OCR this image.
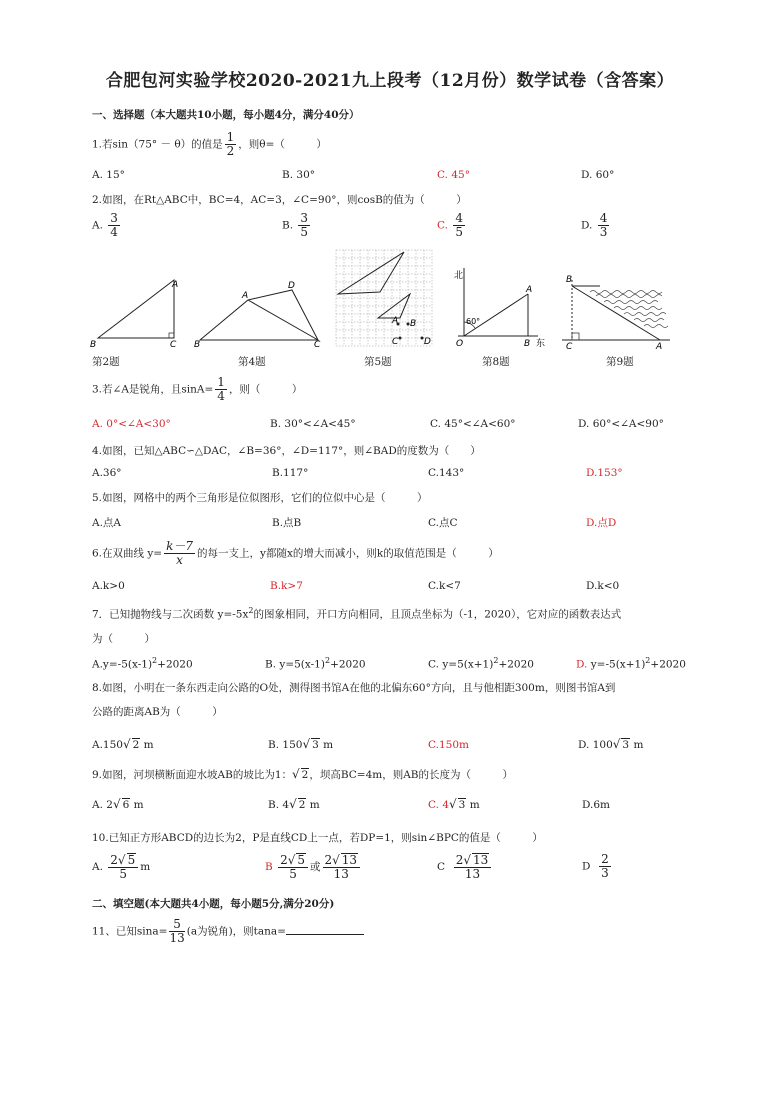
合肥包河实验学校2020-2021九上段考（12月份）数学试卷（含答案）
一、选择题（本大题共10小题，每小题4分，满分40分）
1.若sin（75° － θ）的值是 $\frac{1}{2}$ ，则θ=（　　　）
A. 15°	B. 30°	C. 45°	D. 60°
2.如图，在Rt△ABC中，BC=4，AC=3，∠C=90°，则cosB的值为（　　　）
A. $\frac{3}{4}$	B. $\frac{3}{5}$	C. $\frac{4}{5}$	D. $\frac{4}{3}$
A
B	C
A
B	C
D
A B
C	D
北
东
60°
O
A
B
B
C	A
第2题	第4题	第5题	第8题	第9题
3.若∠A是锐角，且$\sin A= \frac{1}{4}$ ，则（　　　）
A. 0°<∠A<30°	B. 30°<∠A<45°	C. 45°<∠A<60°	D. 60°<∠A<90°
4.如图，已知△ABC∽△DAC，∠B=36°，∠D=117°，则∠BAD的度数为（　　）
A.36°	B.117°	C.143°	D.153°
5.如图，网格中的两个三角形是位似图形，它们的位似中心是（　　　）
A.点A	B.点B	C.点C	D.点D
6.在双曲线 $y= \frac{k-7}{x}$ 的每一支上，y都随x的增大而减小，则k的取值范围是（　　　）
A.k>0	B.k>7	C.k<7	D.k<0
7．已知抛物线与二次函数 $y=-5x^2$的图象相同，开口方向相同，且顶点坐标为（-1，2020），它对应的函数表达式
为（　　　）
$A.y=-5(x-1)^2+2020$	B. $y=5(x-1)^2+2020$	C. $y=5(x+1)^2+2020$	D. $y=-5(x+1)^2+2020$
8.如图，小明在一条东西走向公路的O处，测得图书馆A在他的北偏东60°方向，且与他相距300m，则图书馆A到
公路的距离AB为（　　　）
A.150√ 2 m	B. 150√ 3 m	C.150m	D. 100√ 3 m
9.如图，河坝横断面迎水坡AB的坡比为1：√ 2，坝高BC=4m，则AB的长度为（　　　）
A. 2√ 6 m	B. 4√ 2 m	C. 4√ 3 m	D.6m
10.已知正方形ABCD的边长为2，P是直线CD上一点，若DP=1，则sin∠BPC的值是（　　　）
A. $\frac{2√ 5}{5}$ m	B $\frac{2√ 5}{5}$ 或 $\frac{2√ 13}{13}$	C $\frac{2√ 13}{13}$	D $\frac{2}{3}$
二、填空题(本大题共4小题，每小题5分,满分20分)
11、已知$\sin a= \frac{5}{13} (a$为锐角)，则tana=
